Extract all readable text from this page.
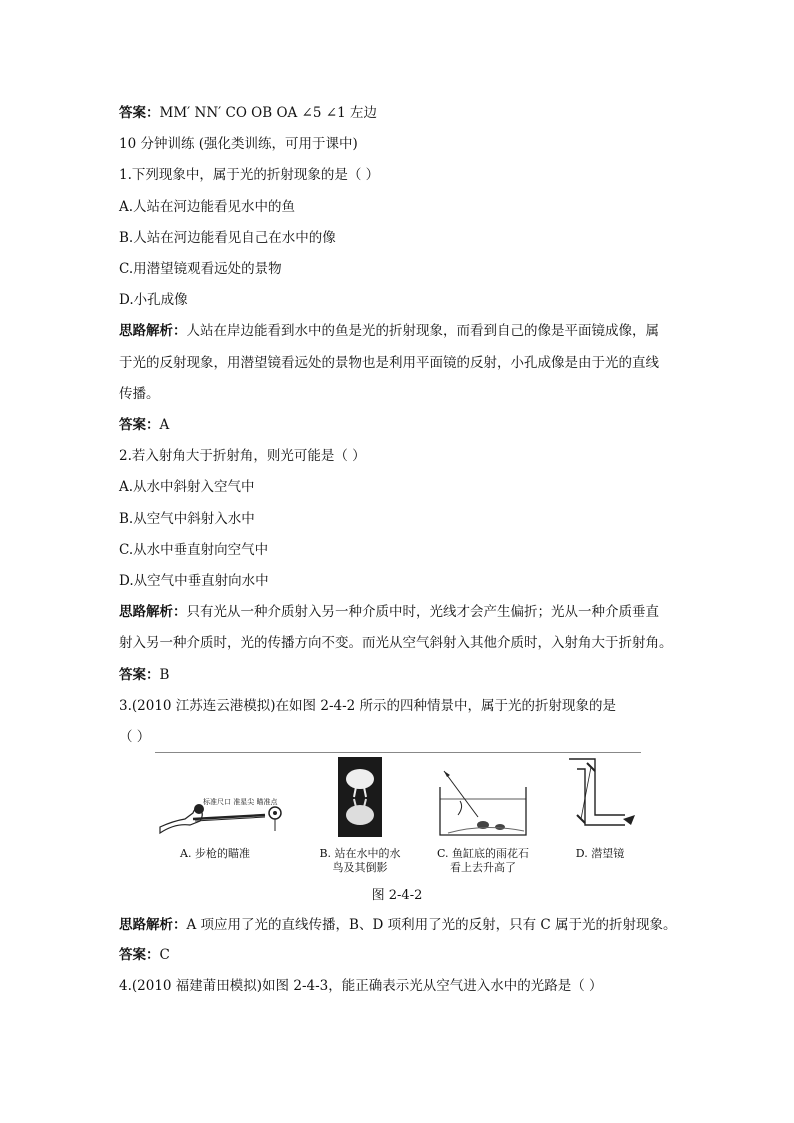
答案：MM′ NN′ CO OB OA ∠5 ∠1 左边
10 分钟训练 (强化类训练，可用于课中)
1.下列现象中，属于光的折射现象的是（ ）
A.人站在河边能看见水中的鱼
B.人站在河边能看见自己在水中的像
C.用潜望镜观看远处的景物
D.小孔成像
思路解析：人站在岸边能看到水中的鱼是光的折射现象，而看到自己的像是平面镜成像，属
于光的反射现象，用潜望镜看远处的景物也是利用平面镜的反射，小孔成像是由于光的直线
传播。
答案：A
2.若入射角大于折射角，则光可能是（ ）
A.从水中斜射入空气中
B.从空气中斜射入水中
C.从水中垂直射向空气中
D.从空气中垂直射向水中
思路解析：只有光从一种介质射入另一种介质中时，光线才会产生偏折；光从一种介质垂直
射入另一种介质时，光的传播方向不变。而光从空气斜射入其他介质时，入射角大于折射角。
答案：B
3.(2010 江苏连云港模拟)在如图 2-4-2 所示的四种情景中，属于光的折射现象的是
（ ）
标准尺口 准星尖 瞄准点
A. 步枪的瞄准	B. 站在水中的水
鸟及其倒影
C. 鱼缸底的雨花石
看上去升高了
D. 潜望镜
图 2-4-2
思路解析：A 项应用了光的直线传播，B、D 项利用了光的反射，只有 C 属于光的折射现象。
答案：C
4.(2010 福建莆田模拟)如图 2-4-3，能正确表示光从空气进入水中的光路是（ ）
